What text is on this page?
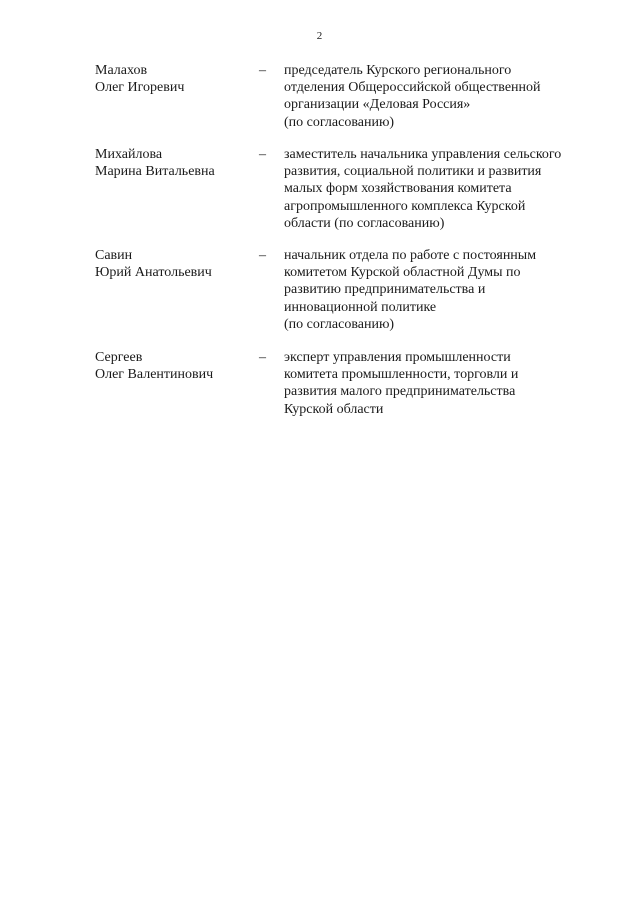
2
Малахов
Олег Игоревич
–	председатель Курского регионального
отделения Общероссийской общественной
организации «Деловая Россия»
(по согласованию)
Михайлова
Марина Витальевна
–	заместитель начальника управления сельского
развития, социальной политики и развития
малых форм хозяйствования комитета
агропромышленного комплекса Курской
области (по согласованию)
Савин
Юрий Анатольевич
–	начальник отдела по работе с постоянным
комитетом Курской областной Думы по
развитию предпринимательства и
инновационной политике
(по согласованию)
Сергеев
Олег Валентинович
–	эксперт управления промышленности
комитета промышленности, торговли и
развития малого предпринимательства
Курской области
